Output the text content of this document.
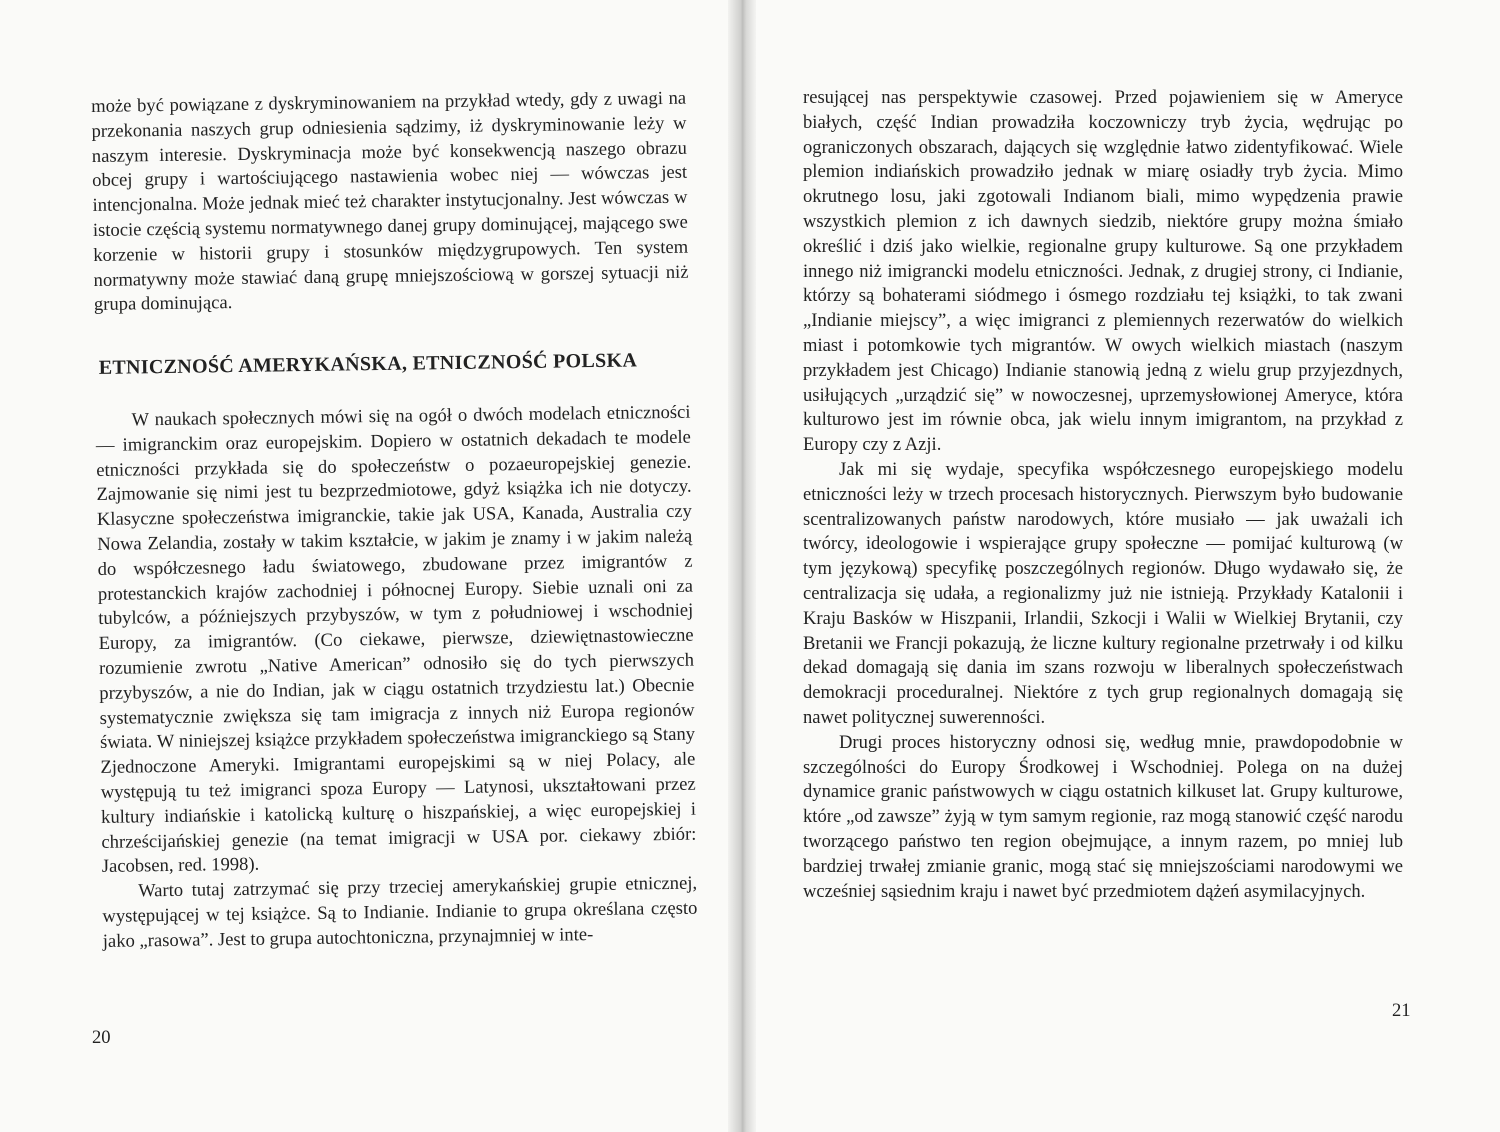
może być powiązane z dyskryminowaniem na przykład wtedy, gdy z uwagi na przekonania naszych grup odniesienia sądzimy, iż dyskryminowanie leży w naszym interesie. Dyskryminacja może być konsekwencją naszego obrazu obcej grupy i wartościującego nastawienia wobec niej — wówczas jest intencjonalna. Może jednak mieć też charakter instytucjonalny. Jest wówczas w istocie częścią systemu normatywnego danej grupy dominującej, mającego swe korzenie w historii grupy i stosunków międzygrupowych. Ten system normatywny może stawiać daną grupę mniejszościową w gorszej sytuacji niż grupa dominująca.

ETNICZNOŚĆ AMERYKAŃSKA, ETNICZNOŚĆ POLSKA

W naukach społecznych mówi się na ogół o dwóch modelach etniczności — imigranckim oraz europejskim. Dopiero w ostatnich dekadach te modele etniczności przykłada się do społeczeństw o pozaeuropejskiej genezie. Zajmowanie się nimi jest tu bezprzedmiotowe, gdyż książka ich nie dotyczy. Klasyczne społeczeństwa imigranckie, takie jak USA, Kanada, Australia czy Nowa Zelandia, zostały w takim kształcie, w jakim je znamy i w jakim należą do współczesnego ładu światowego, zbudowane przez imigrantów z protestanckich krajów zachodniej i północnej Europy. Siebie uznali oni za tubylców, a późniejszych przybyszów, w tym z południowej i wschodniej Europy, za imigrantów. (Co ciekawe, pierwsze, dziewiętnastowieczne rozumienie zwrotu „Native American” odnosiło się do tych pierwszych przybyszów, a nie do Indian, jak w ciągu ostatnich trzydziestu lat.) Obecnie systematycznie zwiększa się tam imigracja z innych niż Europa regionów świata. W niniejszej książce przykładem społeczeństwa imigranckiego są Stany Zjednoczone Ameryki. Imigrantami europejskimi są w niej Polacy, ale występują tu też imigranci spoza Europy — Latynosi, ukształtowani przez kultury indiańskie i katolicką kulturę o hiszpańskiej, a więc europejskiej i chrześcijańskiej genezie (na temat imigracji w USA por. ciekawy zbiór: Jacobsen, red. 1998).

Warto tutaj zatrzymać się przy trzeciej amerykańskiej grupie etnicznej, występującej w tej książce. Są to Indianie. Indianie to grupa określana często jako „rasowa”. Jest to grupa autochtoniczna, przynajmniej w inte-

20

resującej nas perspektywie czasowej. Przed pojawieniem się w Ameryce białych, część Indian prowadziła koczowniczy tryb życia, wędrując po ograniczonych obszarach, dających się względnie łatwo zidentyfikować. Wiele plemion indiańskich prowadziło jednak w miarę osiadły tryb życia. Mimo okrutnego losu, jaki zgotowali Indianom biali, mimo wypędzenia prawie wszystkich plemion z ich dawnych siedzib, niektóre grupy można śmiało określić i dziś jako wielkie, regionalne grupy kulturowe. Są one przykładem innego niż imigrancki modelu etniczności. Jednak, z drugiej strony, ci Indianie, którzy są bohaterami siódmego i ósmego rozdziału tej książki, to tak zwani „Indianie miejscy”, a więc imigranci z plemiennych rezerwatów do wielkich miast i potomkowie tych migrantów. W owych wielkich miastach (naszym przykładem jest Chicago) Indianie stanowią jedną z wielu grup przyjezdnych, usiłujących „urządzić się” w nowoczesnej, uprzemysłowionej Ameryce, która kulturowo jest im równie obca, jak wielu innym imigrantom, na przykład z Europy czy z Azji.

Jak mi się wydaje, specyfika współczesnego europejskiego modelu etniczności leży w trzech procesach historycznych. Pierwszym było budowanie scentralizowanych państw narodowych, które musiało — jak uważali ich twórcy, ideologowie i wspierające grupy społeczne — pomijać kulturową (w tym językową) specyfikę poszczególnych regionów. Długo wydawało się, że centralizacja się udała, a regionalizmy już nie istnieją. Przykłady Katalonii i Kraju Basków w Hiszpanii, Irlandii, Szkocji i Walii w Wielkiej Brytanii, czy Bretanii we Francji pokazują, że liczne kultury regionalne przetrwały i od kilku dekad domagają się dania im szans rozwoju w liberalnych społeczeństwach demokracji proceduralnej. Niektóre z tych grup regionalnych domagają się nawet politycznej suwerenności.

Drugi proces historyczny odnosi się, według mnie, prawdopodobnie w szczególności do Europy Środkowej i Wschodniej. Polega on na dużej dynamice granic państwowych w ciągu ostatnich kilkuset lat. Grupy kulturowe, które „od zawsze” żyją w tym samym regionie, raz mogą stanowić część narodu tworzącego państwo ten region obejmujące, a innym razem, po mniej lub bardziej trwałej zmianie granic, mogą stać się mniejszościami narodowymi we wcześniej sąsiednim kraju i nawet być przedmiotem dążeń asymilacyjnych.

21
